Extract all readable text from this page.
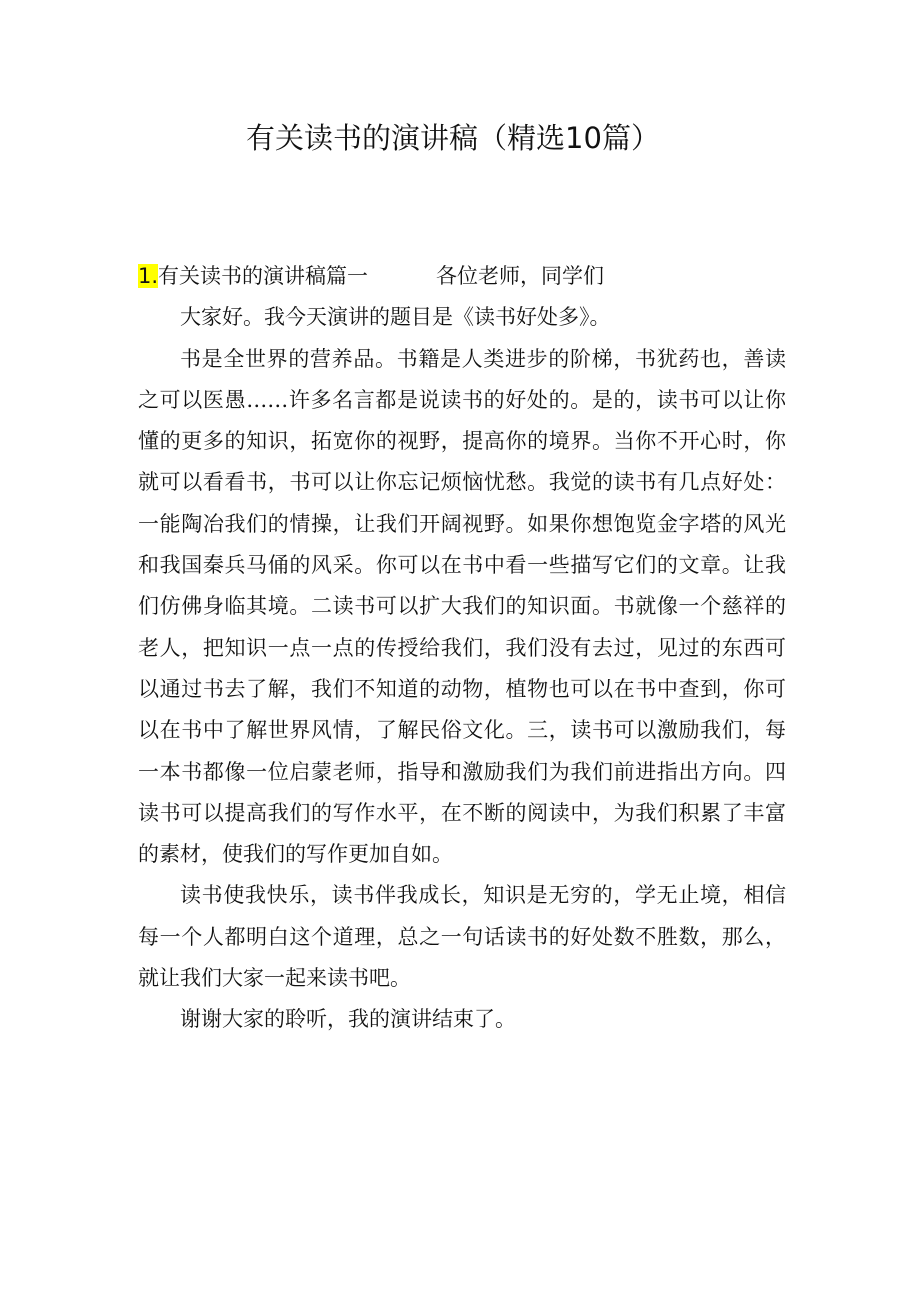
有关读书的演讲稿（精选10篇）

1.有关读书的演讲稿篇一	各位老师，同学们

大家好。我今天演讲的题目是《读书好处多》。

书是全世界的营养品。书籍是人类进步的阶梯，书犹药也，善读之可以医愚……许多名言都是说读书的好处的。是的，读书可以让你懂的更多的知识，拓宽你的视野，提高你的境界。当你不开心时，你就可以看看书，书可以让你忘记烦恼忧愁。我觉的读书有几点好处：一能陶冶我们的情操，让我们开阔视野。如果你想饱览金字塔的风光和我国秦兵马俑的风采。你可以在书中看一些描写它们的文章。让我们仿佛身临其境。二读书可以扩大我们的知识面。书就像一个慈祥的老人，把知识一点一点的传授给我们，我们没有去过，见过的东西可以通过书去了解，我们不知道的动物，植物也可以在书中查到，你可以在书中了解世界风情，了解民俗文化。三，读书可以激励我们，每一本书都像一位启蒙老师，指导和激励我们为我们前进指出方向。四读书可以提高我们的写作水平，在不断的阅读中，为我们积累了丰富的素材，使我们的写作更加自如。

读书使我快乐，读书伴我成长，知识是无穷的，学无止境，相信每一个人都明白这个道理，总之一句话读书的好处数不胜数，那么，就让我们大家一起来读书吧。

谢谢大家的聆听，我的演讲结束了。
